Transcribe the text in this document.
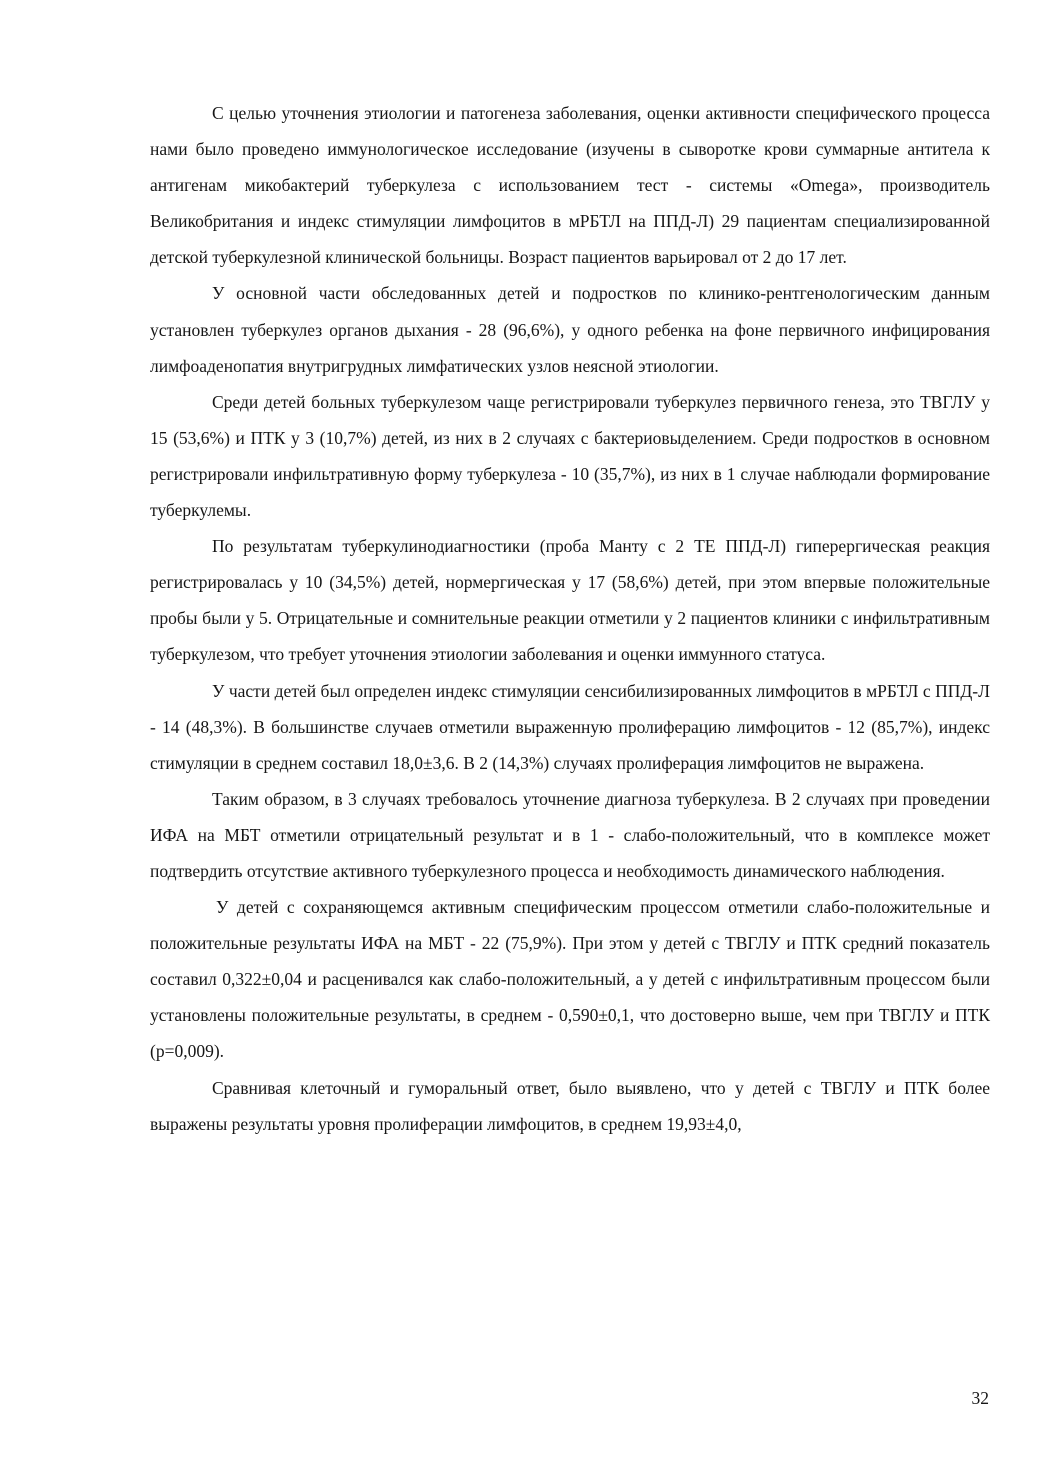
С целью уточнения этиологии и патогенеза заболевания, оценки активности специфического процесса нами было проведено иммунологическое исследование (изучены в сыворотке крови суммарные антитела к антигенам микобактерий туберкулеза с использованием тест - системы «Omega», производитель Великобритания и индекс стимуляции лимфоцитов в мРБТЛ на ППД-Л) 29 пациентам специализированной детской туберкулезной клинической больницы. Возраст пациентов варьировал от 2 до 17 лет.

У основной части обследованных детей и подростков по клинико-рентгенологическим данным установлен туберкулез органов дыхания - 28 (96,6%), у одного ребенка на фоне первичного инфицирования лимфоаденопатия внутригрудных лимфатических узлов неясной этиологии.

Среди детей больных туберкулезом чаще регистрировали туберкулез первичного генеза, это ТВГЛУ у 15 (53,6%) и ПТК у 3 (10,7%) детей, из них в 2 случаях с бактериовыделением. Среди подростков в основном регистрировали инфильтративную форму туберкулеза - 10 (35,7%), из них в 1 случае наблюдали формирование туберкулемы.

По результатам туберкулинодиагностики (проба Манту с 2 ТЕ ППД-Л) гиперергическая реакция регистрировалась у 10 (34,5%) детей, нормергическая у 17 (58,6%) детей, при этом впервые положительные пробы были у 5. Отрицательные и сомнительные реакции отметили у 2 пациентов клиники с инфильтративным туберкулезом, что требует уточнения этиологии заболевания и оценки иммунного статуса.

У части детей был определен индекс стимуляции сенсибилизированных лимфоцитов в мРБТЛ с ППД-Л - 14 (48,3%). В большинстве случаев отметили выраженную пролиферацию лимфоцитов - 12 (85,7%), индекс стимуляции в среднем составил 18,0±3,6. В 2 (14,3%) случаях пролиферация лимфоцитов не выражена.

Таким образом, в 3 случаях требовалось уточнение диагноза туберкулеза. В 2 случаях при проведении ИФА на МБТ отметили отрицательный результат и в 1 - слабо-положительный, что в комплексе может подтвердить отсутствие активного туберкулезного процесса и необходимость динамического наблюдения.

У детей с сохраняющемся активным специфическим процессом отметили слабо-положительные и положительные результаты ИФА на МБТ - 22 (75,9%). При этом у детей с ТВГЛУ и ПТК средний показатель составил 0,322±0,04 и расценивался как слабо-положительный, а у детей с инфильтративным процессом были установлены положительные результаты, в среднем - 0,590±0,1, что достоверно выше, чем при ТВГЛУ и ПТК (р=0,009).

Сравнивая клеточный и гуморальный ответ, было выявлено, что у детей с ТВГЛУ и ПТК более выражены результаты уровня пролиферации лимфоцитов, в среднем 19,93±4,0,

32
